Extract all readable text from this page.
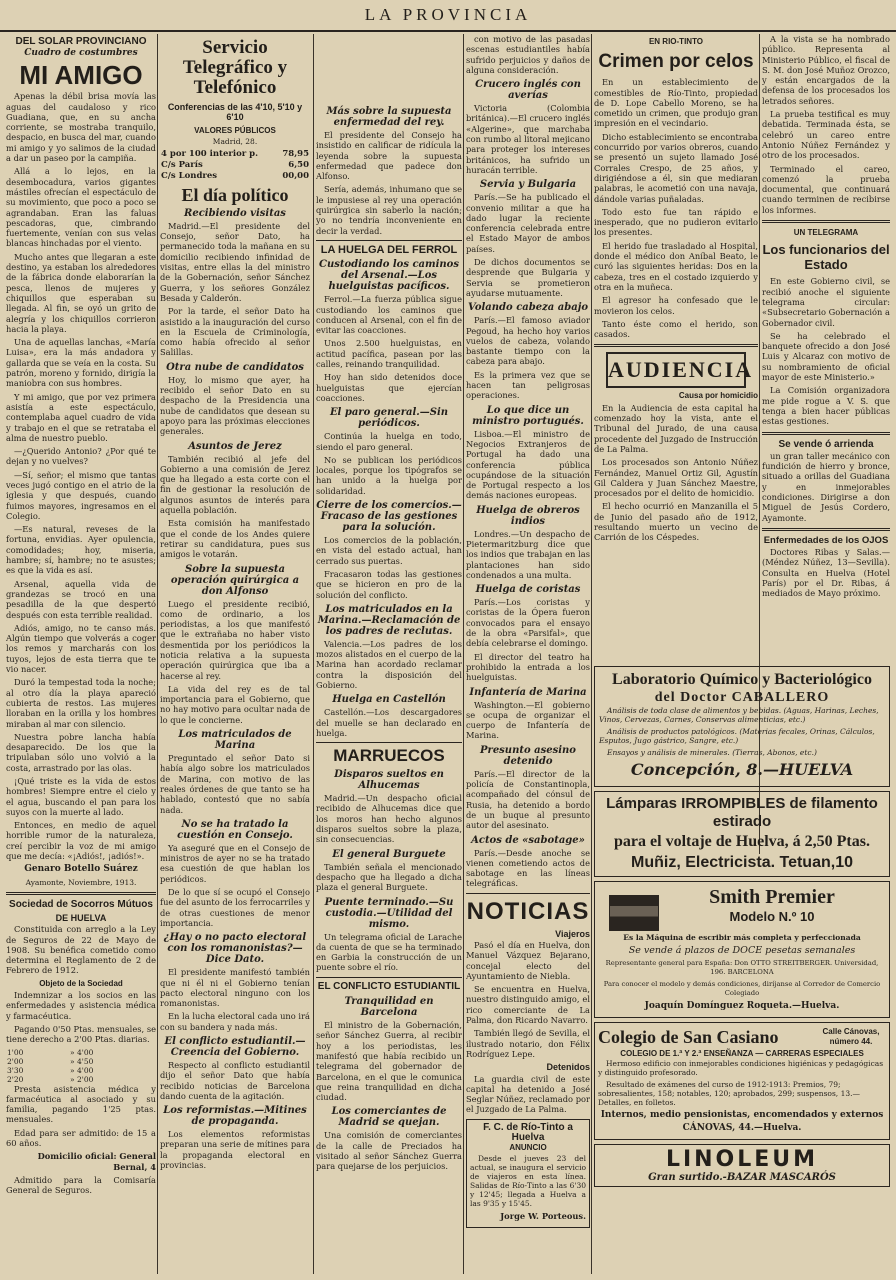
LA PROVINCIA
DEL SOLAR PROVINCIANO
Cuadro de costumbres
MI AMIGO

Apenas la débil brisa movía las aguas del caudaloso y rico Guadiana, que, en su ancha corriente, se mostraba tranquilo, despacio, en busca del mar, cuando mi amigo y yo salimos de la ciudad a dar un paseo por la campiña.

Allá a lo lejos, en la desembocadura, varios gigantes mástiles ofrecían el espectáculo de su movimiento, que poco a poco se agrandaban. Eran las faluas pescadoras, que, cimbrando fuertemente, venían con sus velas blancas hinchadas por el viento.

Mucho antes que llegaran a este destino, ya estaban los alrededores de la fábrica donde elaborarían la pesca, llenos de mujeres y chiquillos que esperaban su llegada. Al fin, se oyó un grito de alegría y los chiquillos corrieron hacia la playa.

Una de aquellas lanchas, «María Luisa», era la más andadora y gallarda que se veía en la costa. Su patrón, moreno y fornido, dirigía la maniobra con sus hombres.

Y mi amigo, que por vez primera asistía a este espectáculo, contemplaba aquel cuadro de vida y trabajo en el que se retrataba el alma de nuestro pueblo.

—¿Querido Antonio? ¿Por qué te dejan y no vuelves?

—Sí, señor; el mismo que tantas veces jugó contigo en el atrio de la iglesia y que después, cuando fuimos mayores, ingresamos en el Colegio.

—Es natural, reveses de la fortuna, envidias. Ayer opulencia, comodidades; hoy, miseria, hambre; sí, hambre; no te asustes; es que la vida es así.

Arsenal, aquella vida de grandezas se trocó en una pesadilla de la que despertó después con esta terrible realidad.

Adiós, amigo, no te canso más. Algún tiempo que volverás a coger los remos y marcharás con los tuyos, lejos de esta tierra que te vio nacer.

Duró la tempestad toda la noche; al otro día la playa apareció cubierta de restos. Las mujeres lloraban en la orilla y los hombres miraban al mar con silencio.

Nuestra pobre lancha había desaparecido. De los que la tripulaban sólo uno volvió a la costa, arrastrado por las olas.

¡Qué triste es la vida de estos hombres! Siempre entre el cielo y el agua, buscando el pan para los suyos con la muerte al lado.

Entonces, en medio de aquel horrible rumor de la naturaleza, creí percibir la voz de mi amigo que me decía: «¡Adiós!, ¡adiós!».

Genaro Botello Suárez

Ayamonte, Noviembre, 1913.

Sociedad de Socorros Mútuos
DE HUELVA

Constituida con arreglo a la Ley de Seguros de 22 de Mayo de 1908. Su benéfica cometido como determina el Reglamento de 2 de Febrero de 1912.

Objeto de la Sociedad

Indemnizar a los socios en las enfermedades y asistencia médica y farmacéutica.

Pagando 0'50 Ptas. mensuales, se tiene derecho a 2'00 Ptas. diarias.

1'00	» 4'00
2'00	» 4'50
3'30	» 4'00
2'20	» 2'00

Presta asistencia médica y farmacéutica al asociado y su familia, pagando 1'25 ptas. mensuales.

Edad para ser admitido: de 15 a 60 años.

Domicilio oficial: General Bernal, 4

Admitido para la Comisaría General de Seguros.

Servicio Telegráfico y Telefónico
Conferencias de las 4'10, 5'10 y 6'10
VALORES PÚBLICOS

Madrid, 28.

4 por 100 interior p.	78,95
C/s París	6,50
C/s Londres	00,00
El día político
Recibiendo visitas

Madrid.—El presidente del Consejo, señor Dato, ha permanecido toda la mañana en su domicilio recibiendo infinidad de visitas, entre ellas la del ministro de la Gobernación, señor Sánchez Guerra, y los señores González Besada y Calderón.

Por la tarde, el señor Dato ha asistido a la inauguración del curso en la Escuela de Criminología, como había ofrecido al señor Salillas.

Otra nube de candidatos

Hoy, lo mismo que ayer, ha recibido el señor Dato en su despacho de la Presidencia una nube de candidatos que desean su apoyo para las próximas elecciones generales.

Asuntos de Jerez

También recibió al jefe del Gobierno a una comisión de Jerez que ha llegado a esta corte con el fin de gestionar la resolución de algunos asuntos de interés para aquella población.

Esta comisión ha manifestado que el conde de los Andes quiere retirar su candidatura, pues sus amigos le votarán.

Sobre la supuesta operación quirúrgica a don Alfonso

Luego el presidente recibió, como de ordinario, a los periodistas, a los que manifestó que le extrañaba no haber visto desmentida por los periódicos la noticia relativa a la supuesta operación quirúrgica que iba a hacerse al rey.

La vida del rey es de tal importancia para el Gobierno, que no hay motivo para ocultar nada de lo que le concierne.

Los matriculados de Marina

Preguntado el señor Dato si había algo sobre los matriculados de Marina, con motivo de las reales órdenes de que tanto se ha hablado, contestó que no sabía nada.

No se ha tratado la cuestión en Consejo.

Ya aseguré que en el Consejo de ministros de ayer no se ha tratado esa cuestión de que hablan los periódicos.

De lo que sí se ocupó el Consejo fue del asunto de los ferrocarriles y de otras cuestiones de menor importancia.

¿Hay o no pacto electoral con los romanonistas?—Dice Dato.

El presidente manifestó también que ni él ni el Gobierno tenían pacto electoral ninguno con los romanonistas.

En la lucha electoral cada uno irá con su bandera y nada más.

El conflicto estudiantil.—Creencia del Gobierno.

Respecto al conflicto estudiantil dijo el señor Dato que había recibido noticias de Barcelona dando cuenta de la agitación.

Los reformistas.—Mitines de propaganda.

Los elementos reformistas preparan una serie de mítines para la propaganda electoral en provincias.

Más sobre la supuesta enfermedad del rey.

El presidente del Consejo ha insistido en calificar de ridícula la leyenda sobre la supuesta enfermedad que padece don Alfonso.

Sería, además, inhumano que se le impusiese al rey una operación quirúrgica sin saberlo la nación; yo no tendría inconveniente en decir la verdad.

LA HUELGA DEL FERROL
Custodiando los caminos del Arsenal.—Los huelguistas pacíficos.

Ferrol.—La fuerza pública sigue custodiando los caminos que conducen al Arsenal, con el fin de evitar las coacciones.

Unos 2.500 huelguistas, en actitud pacífica, pasean por las calles, reinando tranquilidad.

Hoy han sido detenidos doce huelguistas que ejercían coacciones.

El paro general.—Sin periódicos.

Continúa la huelga en todo, siendo el paro general.

No se publican los periódicos locales, porque los tipógrafos se han unido a la huelga por solidaridad.

Cierre de los comercios.—Fracaso de las gestiones para la solución.

Los comercios de la población, en vista del estado actual, han cerrado sus puertas.

Fracasaron todas las gestiones que se hicieron en pro de la solución del conflicto.

Los matriculados en la Marina.—Reclamación de los padres de reclutas.

Valencia.—Los padres de los mozos alistados en el cuerpo de la Marina han acordado reclamar contra la disposición del Gobierno.

Huelga en Castellón

Castellón.—Los descargadores del muelle se han declarado en huelga.

MARRUECOS
Disparos sueltos en Alhucemas

Madrid.—Un despacho oficial recibido de Alhucemas dice que los moros han hecho algunos disparos sueltos sobre la plaza, sin consecuencias.

El general Burguete

También señala el mencionado despacho que ha llegado a dicha plaza el general Burguete.

Puente terminado.—Su custodia.—Utilidad del mismo.

Un telegrama oficial de Larache da cuenta de que se ha terminado en Garbia la construcción de un puente sobre el río.

EL CONFLICTO ESTUDIANTIL
Tranquilidad en Barcelona

El ministro de la Gobernación, señor Sánchez Guerra, al recibir hoy a los periodistas, les manifestó que había recibido un telegrama del gobernador de Barcelona, en el que le comunica que reina tranquilidad en dicha ciudad.

Los comerciantes de Madrid se quejan.

Una comisión de comerciantes de la calle de Preciados ha visitado al señor Sánchez Guerra para quejarse de los perjuicios.

con motivo de las pasadas escenas estudiantiles había sufrido perjuicios y daños de alguna consideración.

Crucero inglés con averías

Victoria (Colombia británica).—El crucero inglés «Algerine», que marchaba con rumbo al litoral mejicano para proteger los intereses británicos, ha sufrido un huracán terrible.

Servia y Bulgaria

París.—Se ha publicado el convenio militar a que ha dado lugar la reciente conferencia celebrada entre el Estado Mayor de ambos países.

De dichos documentos se desprende que Bulgaria y Servia se prometieron ayudarse mutuamente.

Volando cabeza abajo

París.—El famoso aviador Pegoud, ha hecho hoy varios vuelos de cabeza, volando bastante tiempo con la cabeza para abajo.

Es la primera vez que se hacen tan peligrosas operaciones.

Lo que dice un ministro portugués.

Lisboa.—El ministro de Negocios Extranjeros de Portugal ha dado una conferencia pública ocupándose de la situación de Portugal respecto a los demás naciones europeas.

Huelga de obreros indios

Londres.—Un despacho de Pietermaritzburg dice que los indios que trabajan en las plantaciones han sido condenados a una multa.

Huelga de coristas

París.—Los coristas y coristas de la Ópera fueron convocados para el ensayo de la obra «Parsifal», que debía celebrarse el domingo.

El director del teatro ha prohibido la entrada a los huelguistas.

Infantería de Marina

Washington.—El gobierno se ocupa de organizar el cuerpo de Infantería de Marina.

Presunto asesino detenido

París.—El director de la policía de Constantinopla, acompañado del cónsul de Rusia, ha detenido a bordo de un buque al presunto autor del asesinato.

Actos de «sabotage»

París.—Desde anoche se vienen cometiendo actos de sabotage en las líneas telegráficas.

NOTICIAS
Viajeros

Pasó el día en Huelva, don Manuel Vázquez Bejarano, concejal electo del Ayuntamiento de Niebla.

Se encuentra en Huelva, nuestro distinguido amigo, el rico comerciante de La Palma, don Ricardo Navarro.

También llegó de Sevilla, el ilustrado notario, don Félix Rodríguez Lepe.

Detenidos

La guardia civil de este capital ha detenido a José Seglar Núñez, reclamado por el Juzgado de La Palma.

F. C. de Río-Tinto a Huelva
ANUNCIO

Desde el jueves 23 del actual, se inaugura el servicio de viajeros en esta línea. Salidas de Río-Tinto a las 6'30 y 12'45; llegada a Huelva a las 9'35 y 15'45.

Jorge W. Porteous.

EN RIO-TINTO
Crimen por celos

En un establecimiento de comestibles de Río-Tinto, propiedad de D. Lope Cabello Moreno, se ha cometido un crimen, que produjo gran impresión en el vecindario.

Dicho establecimiento se encontraba concurrido por varios obreros, cuando se presentó un sujeto llamado José Corrales Crespo, de 25 años, y dirigiéndose a él, sin que mediaran palabras, le acometió con una navaja, dándole varias puñaladas.

Todo esto fue tan rápido e inesperado, que no pudieron evitarlo los presentes.

El herido fue trasladado al Hospital, donde el médico don Aníbal Beato, le curó las siguientes heridas: Dos en la cabeza, tres en el costado izquierdo y otra en la muñeca.

El agresor ha confesado que le movieron los celos.

Tanto éste como el herido, son casados.

AUDIENCIA
Causa por homicidio

En la Audiencia de esta capital ha comenzado hoy la vista, ante el Tribunal del Jurado, de una causa procedente del Juzgado de Instrucción de La Palma.

Los procesados son Antonio Núñez Fernández, Manuel Ortiz Gil, Agustín Gil Caldera y Juan Sánchez Maestre, procesados por el delito de homicidio.

El hecho ocurrió en Manzanilla el 5 de Junio del pasado año de 1912, resultando muerto un vecino de Carrión de los Céspedes.

A la vista se ha nombrado público. Representa al Ministerio Público, el fiscal de S. M. don José Muñoz Orozco, y están encargados de la defensa de los procesados los letrados señores.

La prueba testifical es muy debatida. Terminada ésta, se celebró un careo entre Antonio Núñez Fernández y otro de los procesados.

Terminado el careo, comenzó la prueba documental, que continuará cuando terminen de recibirse los informes.

UN TELEGRAMA
Los funcionarios del Estado

En este Gobierno civil, se recibió anoche el siguiente telegrama circular: «Subsecretario Gobernación a Gobernador civil.

Se ha celebrado el banquete ofrecido a don José Luis y Alcaraz con motivo de su nombramiento de oficial mayor de este Ministerio.»

La Comisión organizadora me pide rogue a V. S. que tenga a bien hacer públicas estas gestiones.

Se vende ó arrienda

un gran taller mecánico con fundición de hierro y bronce, situado a orillas del Guadiana y en inmejorables condiciones. Dirigirse a don Miguel de Jesús Cordero, Ayamonte.

Enfermedades de los OJOS

Doctores Ribas y Salas.—(Méndez Núñez, 13—Sevilla). Consulta en Huelva (Hotel París) por el Dr. Ribas, á mediados de Mayo próximo.

Laboratorio Químico y Bacteriológico
del Doctor CABALLERO

Análisis de toda clase de alimentos y bebidas. (Aguas, Harinas, Leches, Vinos, Cervezas, Carnes, Conservas alimenticias, etc.)

Análisis de productos patológicos. (Materias fecales, Orinas, Cálculos, Esputos, Jugo gástrico, Sangre, etc.)

Ensayos y análisis de minerales. (Tierras, Abonos, etc.)

Concepción, 8.—HUELVA

Lámparas IRROMPIBLES de filamento estirado
para el voltaje de Huelva, á 2,50 Ptas.
Muñiz, Electricista. Tetuan,10
Smith Premier
Modelo N.º 10

Es la Máquina de escribir más completa y perfeccionada

Se vende á plazos de DOCE pesetas semanales

Representante general para España: Don OTTO STREITBERGER. Universidad, 196. BARCELONA

Para conocer el modelo y demás condiciones, diríjanse al Corredor de Comercio Colegiado

Joaquín Domínguez Roqueta.—Huelva.

Colegio de San Casiano	Calle Cánovas, número 44.
COLEGIO DE 1.ª Y 2.ª ENSEÑANZA — CARRERAS ESPECIALES

Hermoso edificio con inmejorables condiciones higiénicas y pedagógicas y distinguido profesorado.

Resultado de exámenes del curso de 1912-1913: Premios, 79; sobresalientes, 158; notables, 120; aprobados, 299; suspensos, 13.—Detalles, en folletos.

Internos, medio pensionistas, encomendados y externos

CÁNOVAS, 44.—Huelva.

LINOLEUM
Gran surtido.-BAZAR MASCARÓS
